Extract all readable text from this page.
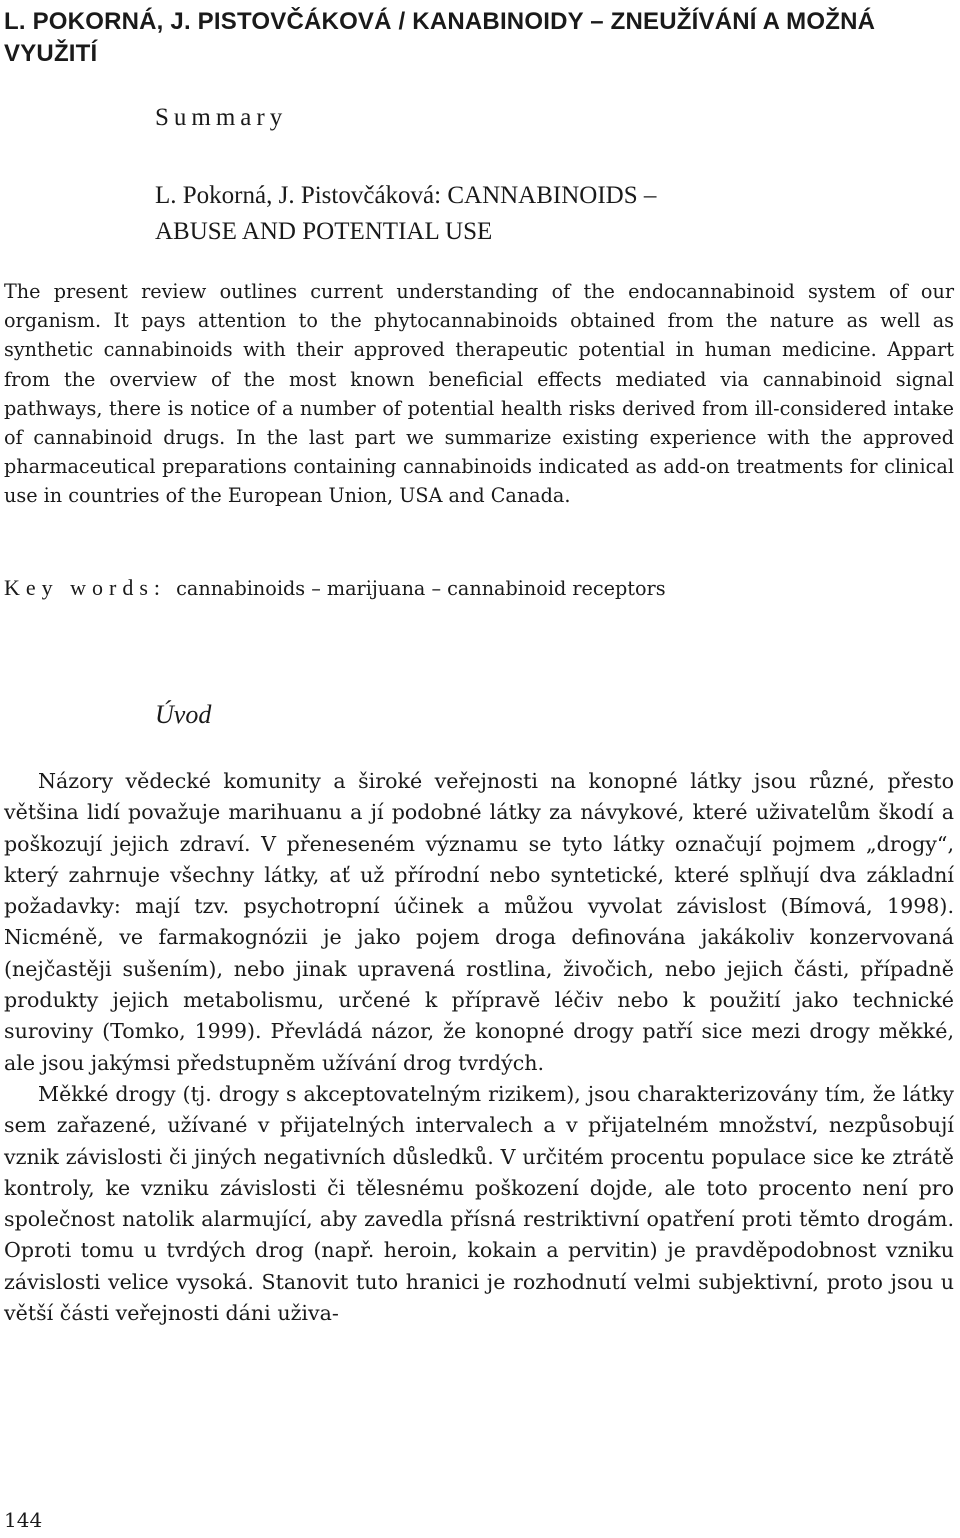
L. POKORNÁ, J. PISTOVČÁKOVÁ / KANABINOIDY – ZNEUŽÍVÁNÍ A MOŽNÁ VYUŽITÍ
Summary
L. Pokorná, J. Pistovčáková: CANNABINOIDS –
ABUSE AND POTENTIAL USE

The present review outlines current understanding of the endocannabinoid system of our organism. It pays attention to the phytocannabinoids obtained from the nature as well as synthetic cannabinoids with their approved therapeutic potential in human medicine. Appart from the overview of the most known beneficial effects mediated via cannabinoid signal pathways, there is notice of a number of potential health risks derived from ill-considered intake of cannabinoid drugs. In the last part we summarize existing experience with the approved pharmaceutical preparations containing cannabinoids indicated as add-on treatments for clinical use in countries of the European Union, USA and Canada.

Key words: cannabinoids – marijuana – cannabinoid receptors
Úvod

Názory vědecké komunity a široké veřejnosti na konopné látky jsou různé, přesto většina lidí považuje marihuanu a jí podobné látky za návykové, které uživatelům škodí a poškozují jejich zdraví. V přeneseném významu se tyto látky označují pojmem „drogy“, který zahrnuje všechny látky, ať už přírodní nebo syntetické, které splňují dva základní požadavky: mají tzv. psychotropní účinek a můžou vyvolat závislost (Bímová, 1998). Nicméně, ve farmakognózii je jako pojem droga definována jakákoliv konzervovaná (nejčastěji sušením), nebo jinak upravená rostlina, živočich, nebo jejich části, případně produkty jejich metabolismu, určené k přípravě léčiv nebo k použití jako technické suroviny (Tomko, 1999). Převládá názor, že konopné drogy patří sice mezi drogy měkké, ale jsou jakýmsi předstupněm užívání drog tvrdých.

Měkké drogy (tj. drogy s akceptovatelným rizikem), jsou charakterizovány tím, že látky sem zařazené, užívané v přijatelných intervalech a v přijatelném množství, nezpůsobují vznik závislosti či jiných negativních důsledků. V určitém procentu populace sice ke ztrátě kontroly, ke vzniku závislosti či tělesnému poškození dojde, ale toto procento není pro společnost natolik alarmující, aby zavedla přísná restriktivní opatření proti těmto drogám. Oproti tomu u tvrdých drog (např. heroin, kokain a pervitin) je pravděpodobnost vzniku závislosti velice vysoká. Stanovit tuto hranici je rozhodnutí velmi subjektivní, proto jsou u větší části veřejnosti dáni uživa-

144
